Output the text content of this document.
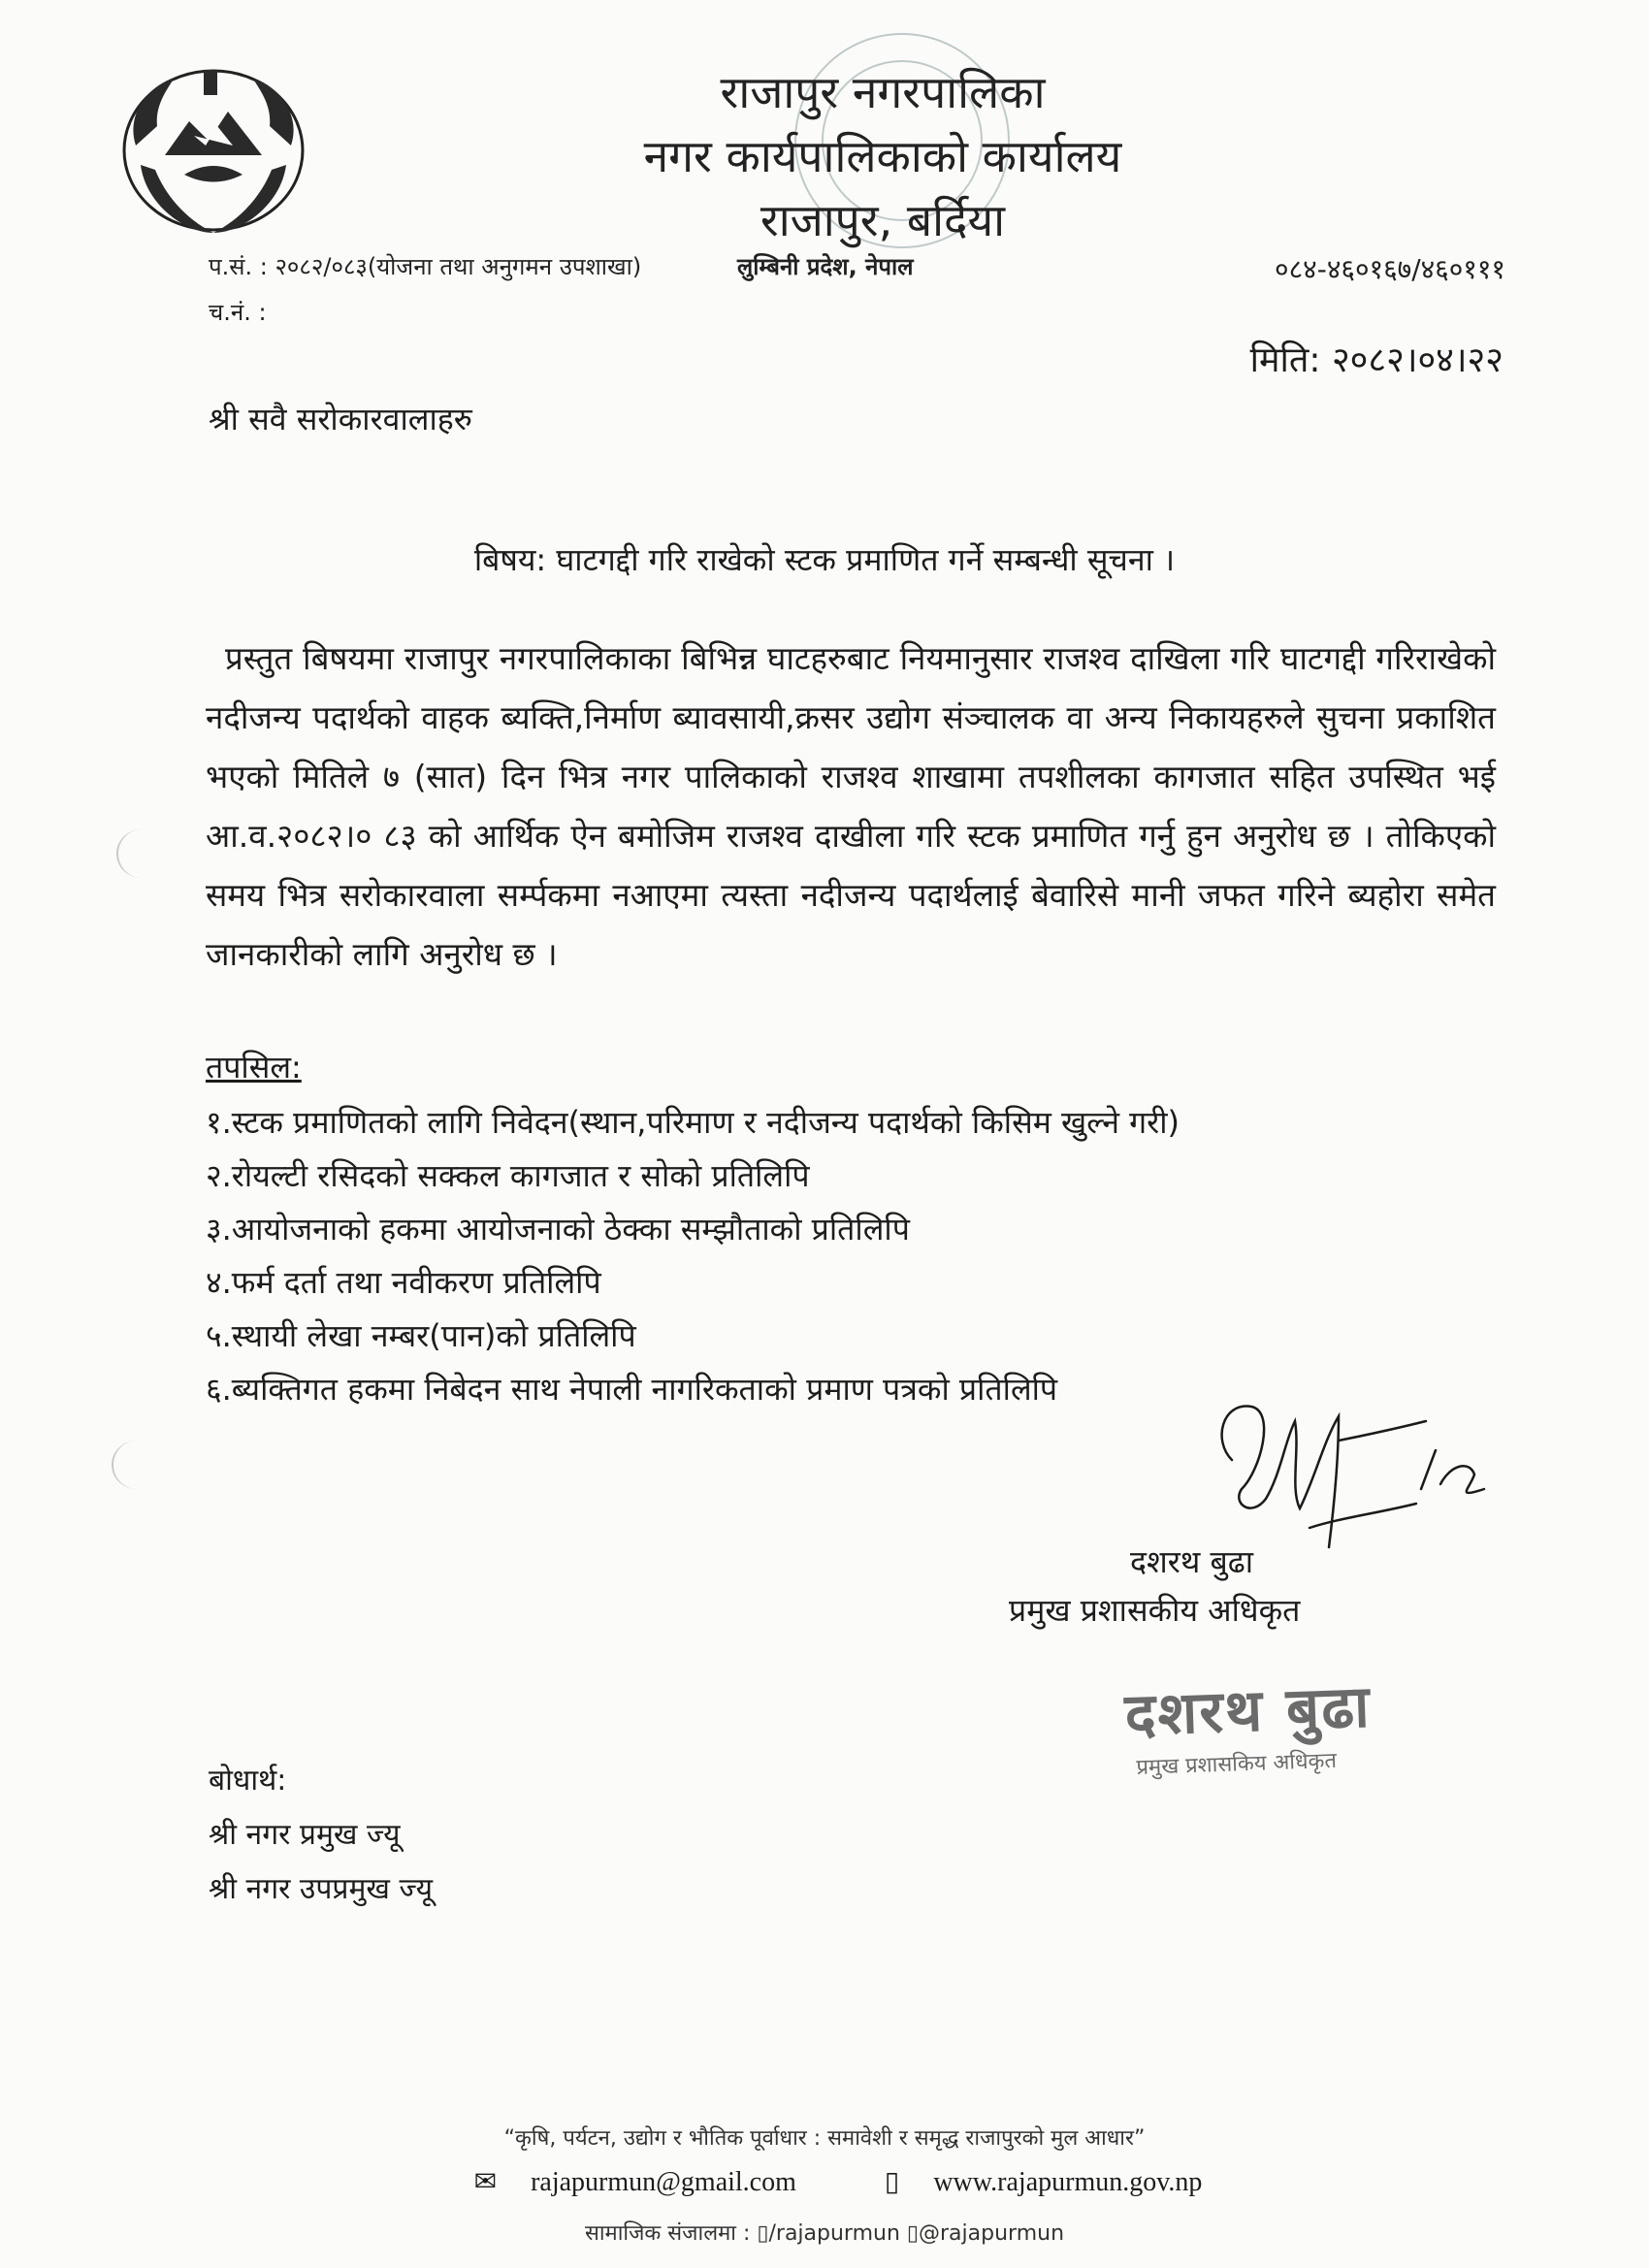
राजापुर नगरपालिका
नगर कार्यपालिकाको कार्यालय
राजापुर, बर्दिया
प.सं. : २०८२/०८३(योजना तथा अनुगमन उपशाखा)	लुम्बिनी प्रदेश, नेपाल	०८४-४६०१६७/४६०१११
च.नं. :
मिति: २०८२।०४।२२
श्री सवै सरोकारवालाहरु
बिषय: घाटगद्दी गरि राखेको स्टक प्रमाणित गर्ने सम्बन्धी सूचना ।
प्रस्तुत बिषयमा राजापुर नगरपालिकाका बिभिन्न घाटहरुबाट नियमानुसार राजश्व दाखिला गरि घाटगद्दी गरिराखेको नदीजन्य पदार्थको वाहक ब्यक्ति,निर्माण ब्यावसायी,क्रसर उद्योग संञ्चालक वा अन्य निकायहरुले सुचना प्रकाशित भएको मितिले ७ (सात) दिन भित्र नगर पालिकाको राजश्व शाखामा तपशीलका कागजात सहित उपस्थित भई आ.व.२०८२।० ८३ को आर्थिक ऐन बमोजिम राजश्व दाखीला गरि स्टक प्रमाणित गर्नु हुन अनुरोध छ । तोकिएको समय भित्र सरोकारवाला सर्म्पकमा नआएमा त्यस्ता नदीजन्य पदार्थलाई बेवारिसे मानी जफत गरिने ब्यहोरा समेत जानकारीको लागि अनुरोध छ ।
तपसिल:
१.स्टक प्रमाणितको लागि निवेदन(स्थान,परिमाण र नदीजन्य पदार्थको किसिम खुल्ने गरी)
२.रोयल्टी रसिदको सक्कल कागजात र सोको प्रतिलिपि
३.आयोजनाको हकमा आयोजनाको ठेक्का सम्झौताको प्रतिलिपि
४.फर्म दर्ता तथा नवीकरण प्रतिलिपि
५.स्थायी लेखा नम्बर(पान)को प्रतिलिपि
६.ब्यक्तिगत हकमा निबेदन साथ नेपाली नागरिकताको प्रमाण पत्रको प्रतिलिपि
दशरथ बुढा
प्रमुख प्रशासकीय अधिकृत
दशरथ बुढा
प्रमुख प्रशासकिय अधिकृत
बोधार्थ:
श्री नगर प्रमुख ज्यू
श्री नगर उपप्रमुख ज्यू
“कृषि, पर्यटन, उद्योग र भौतिक पूर्वाधार : समावेशी र समृद्ध राजापुरको मुल आधार”
✉ rajapurmun@gmail.com	▯ www.rajapurmun.gov.np
सामाजिक संजालमा : ▯/rajapurmun ▯@rajapurmun
